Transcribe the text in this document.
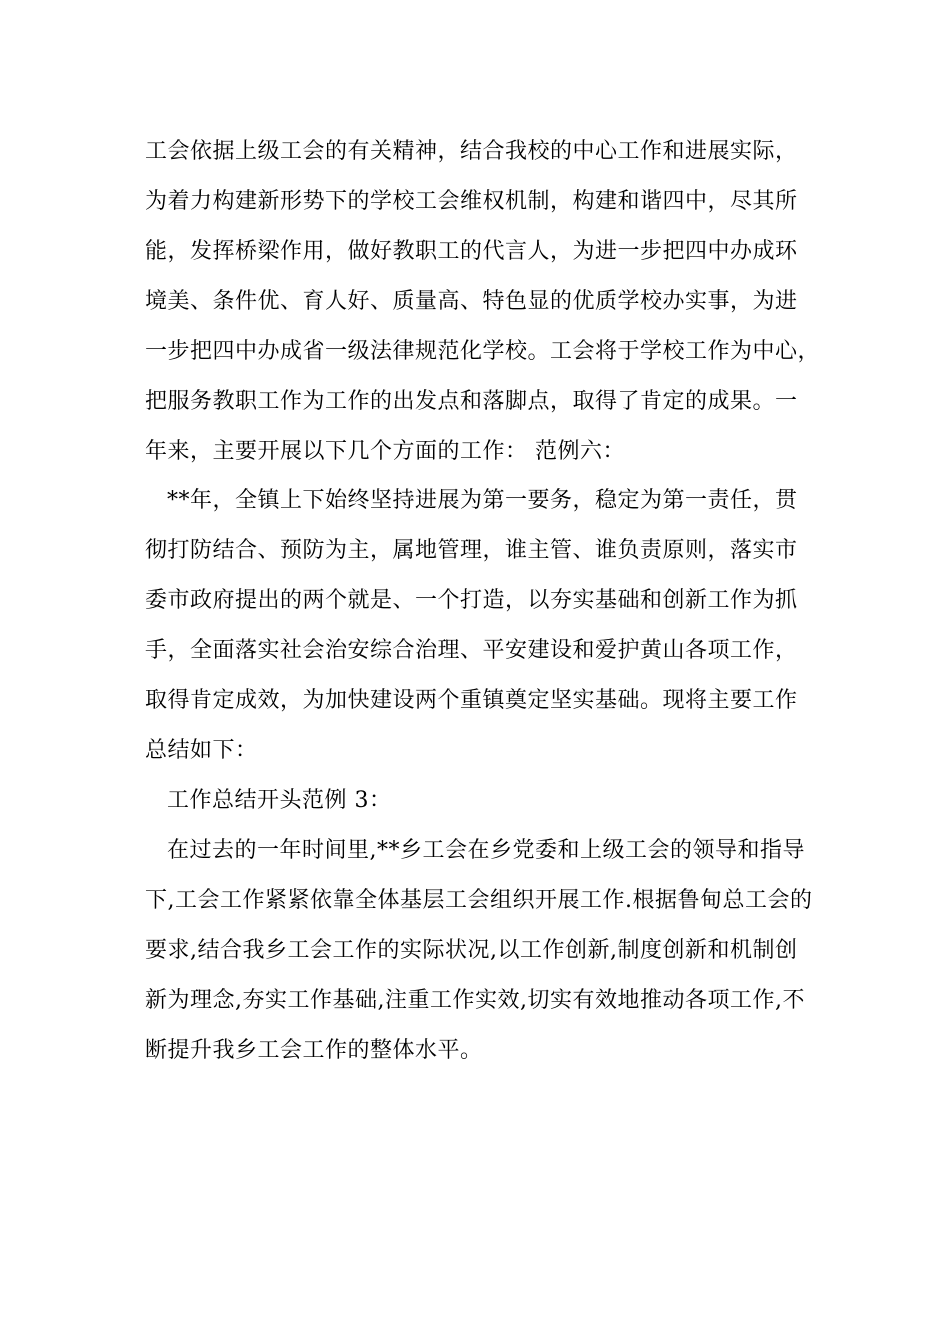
工会依据上级工会的有关精神，结合我校的中心工作和进展实际，
为着力构建新形势下的学校工会维权机制，构建和谐四中，尽其所
能，发挥桥梁作用，做好教职工的代言人，为进一步把四中办成环
境美、条件优、育人好、质量高、特色显的优质学校办实事，为进
一步把四中办成省一级法律规范化学校。工会将于学校工作为中心，
把服务教职工作为工作的出发点和落脚点，取得了肯定的成果。一
年来，主要开展以下几个方面的工作： 范例六：
**年，全镇上下始终坚持进展为第一要务，稳定为第一责任，贯
彻打防结合、预防为主，属地管理，谁主管、谁负责原则，落实市
委市政府提出的两个就是、一个打造，以夯实基础和创新工作为抓
手，全面落实社会治安综合治理、平安建设和爱护黄山各项工作，
取得肯定成效，为加快建设两个重镇奠定坚实基础。现将主要工作
总结如下：
工作总结开头范例 3：
在过去的一年时间里,**乡工会在乡党委和上级工会的领导和指导
下,工会工作紧紧依靠全体基层工会组织开展工作.根据鲁甸总工会的
要求,结合我乡工会工作的实际状况,以工作创新,制度创新和机制创
新为理念,夯实工作基础,注重工作实效,切实有效地推动各项工作,不
断提升我乡工会工作的整体水平。
